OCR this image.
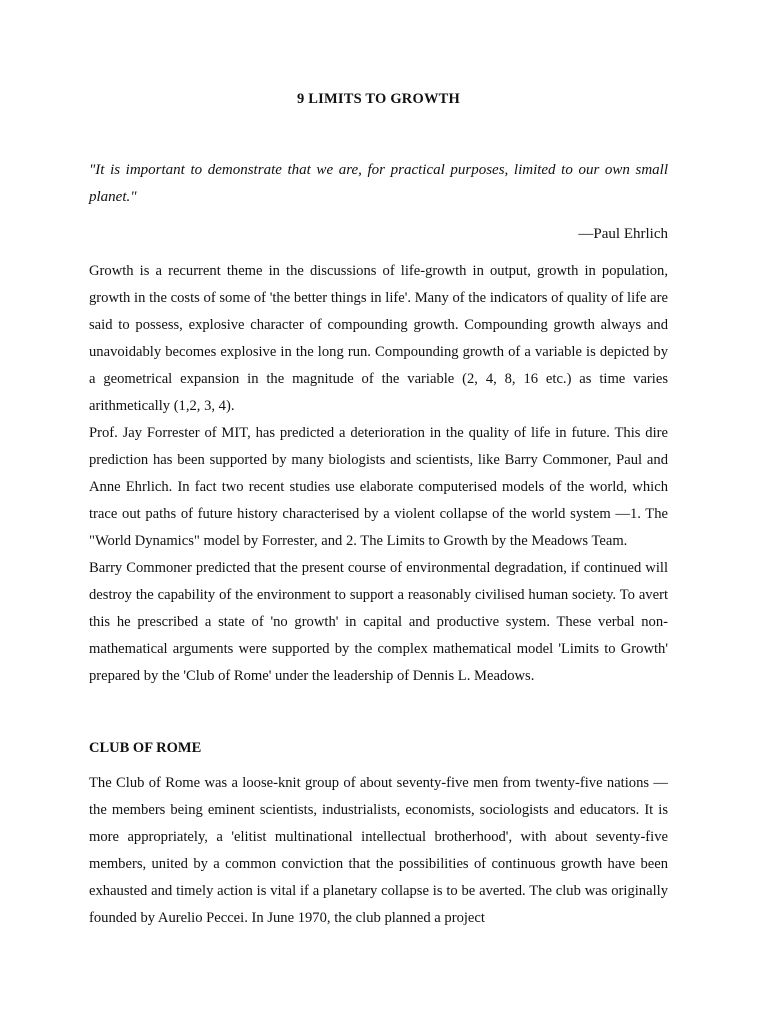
9 LIMITS TO GROWTH

"It is important to demonstrate that we are, for practical purposes, limited to our own small planet."

—Paul Ehrlich

Growth is a recurrent theme in the discussions of life-growth in output, growth in population, growth in the costs of some of 'the better things in life'. Many of the indicators of quality of life are said to possess, explosive character of compounding growth. Compounding growth always and unavoidably becomes explosive in the long run. Compounding growth of a variable is depicted by a geometrical expansion in the magnitude of the variable (2, 4, 8, 16 etc.) as time varies arithmetically (1,2, 3, 4).

Prof. Jay Forrester of MIT, has predicted a deterioration in the quality of life in future. This dire prediction has been supported by many biologists and scientists, like Barry Commoner, Paul and Anne Ehrlich. In fact two recent studies use elaborate computerised models of the world, which trace out paths of future history characterised by a violent collapse of the world system —1. The "World Dynamics" model by Forrester, and 2. The Limits to Growth by the Meadows Team.

Barry Commoner predicted that the present course of environmental degradation, if continued will destroy the capability of the environment to support a reasonably civilised human society. To avert this he prescribed a state of 'no growth' in capital and productive system. These verbal non-mathematical arguments were supported by the complex mathematical model 'Limits to Growth' prepared by the 'Club of Rome' under the leadership of Dennis L. Meadows.

CLUB OF ROME

The Club of Rome was a loose-knit group of about seventy-five men from twenty-five nations —the members being eminent scientists, industrialists, economists, sociologists and educators. It is more appropriately, a 'elitist multinational intellectual brotherhood', with about seventy-five members, united by a common conviction that the possibilities of continuous growth have been exhausted and timely action is vital if a planetary collapse is to be averted. The club was originally founded by Aurelio Peccei. In June 1970, the club planned a project
